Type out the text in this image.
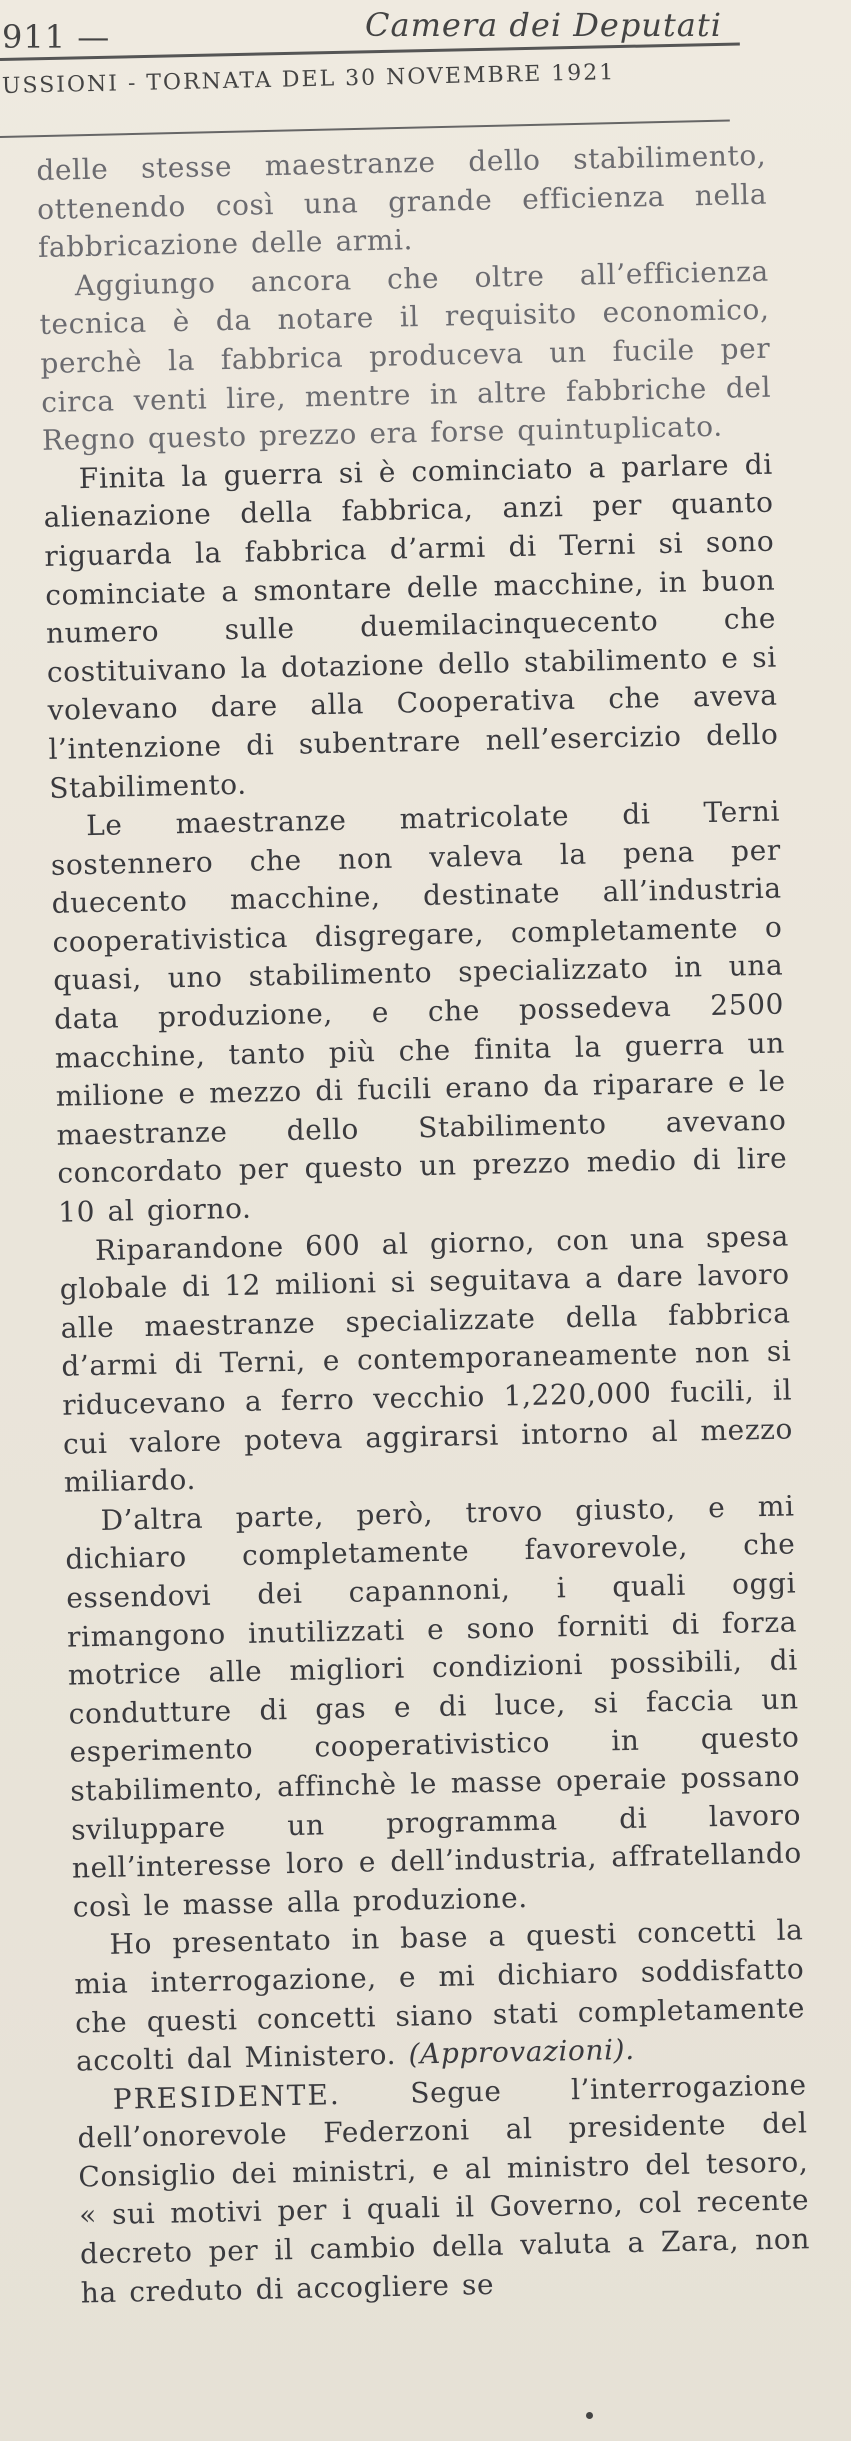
911 —	Camera dei Deputati
USSIONI - TORNATA DEL 30 NOVEMBRE 1921

delle stesse maestranze dello stabilimento, ottenendo così una grande efficienza nella fabbricazione delle armi.

Aggiungo ancora che oltre all’efficienza tecnica è da notare il requisito economico, perchè la fabbrica produceva un fucile per circa venti lire, mentre in altre fabbriche del Regno questo prezzo era forse quintuplicato.

Finita la guerra si è cominciato a parlare di alienazione della fabbrica, anzi per quanto riguarda la fabbrica d’armi di Terni si sono cominciate a smontare delle macchine, in buon numero sulle duemilacinquecento che costituivano la dotazione dello stabilimento e si volevano dare alla Cooperativa che aveva l’intenzione di subentrare nell’esercizio dello Stabilimento.

Le maestranze matricolate di Terni sostennero che non valeva la pena per duecento macchine, destinate all’industria cooperativistica disgregare, completamente o quasi, uno stabilimento specializzato in una data produzione, e che possedeva 2500 macchine, tanto più che finita la guerra un milione e mezzo di fucili erano da riparare e le maestranze dello Stabilimento avevano concordato per questo un prezzo medio di lire 10 al giorno.

Riparandone 600 al giorno, con una spesa globale di 12 milioni si seguitava a dare lavoro alle maestranze specializzate della fabbrica d’armi di Terni, e contemporaneamente non si riducevano a ferro vecchio 1,220,000 fucili, il cui valore poteva aggirarsi intorno al mezzo miliardo.

D’altra parte, però, trovo giusto, e mi dichiaro completamente favorevole, che essendovi dei capannoni, i quali oggi rimangono inutilizzati e sono forniti di forza motrice alle migliori condizioni possibili, di condutture di gas e di luce, si faccia un esperimento cooperativistico in questo stabilimento, affinchè le masse operaie possano sviluppare un programma di lavoro nell’interesse loro e dell’industria, affratellando così le masse alla produzione.

Ho presentato in base a questi concetti la mia interrogazione, e mi dichiaro soddisfatto che questi concetti siano stati completamente accolti dal Ministero. (Approvazioni).

PRESIDENTE. Segue l’interrogazione dell’onorevole Federzoni al presidente del Consiglio dei ministri, e al ministro del tesoro, « sui motivi per i quali il Governo, col recente decreto per il cambio della valuta a Zara, non ha creduto di accogliere se
